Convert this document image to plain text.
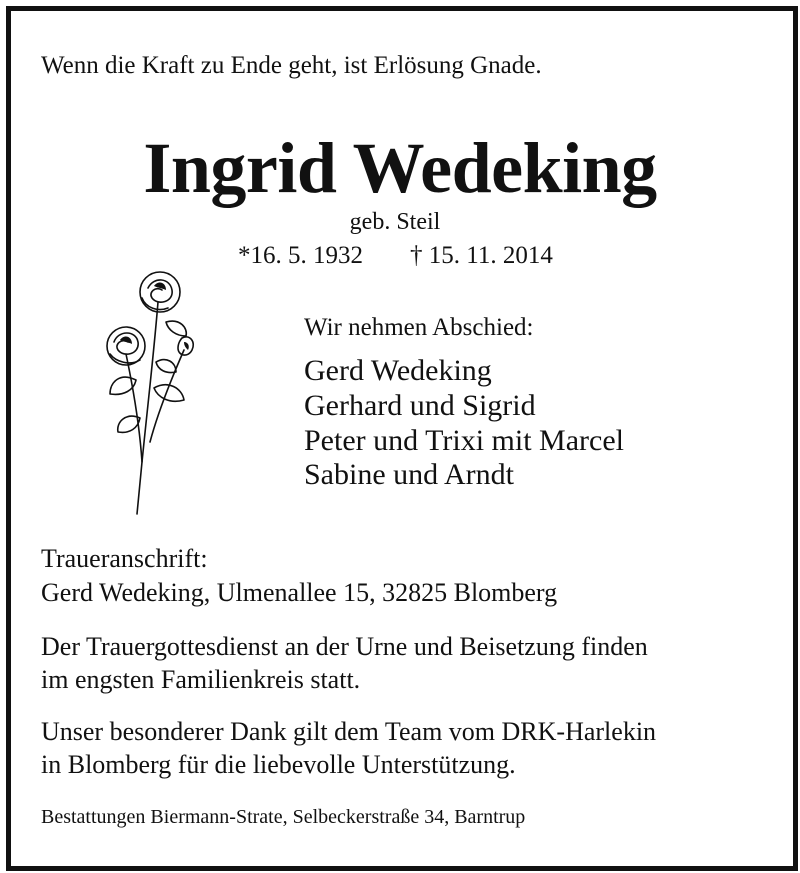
Wenn die Kraft zu Ende geht, ist Erlösung Gnade.
Ingrid Wedeking
geb. Steil
*16. 5. 1932 † 15. 11. 2014
Wir nehmen Abschied:
Gerd Wedeking
Gerhard und Sigrid
Peter und Trixi mit Marcel
Sabine und Arndt
Traueranschrift:
Gerd Wedeking, Ulmenallee 15, 32825 Blomberg
Der Trauergottesdienst an der Urne und Beisetzung finden
im engsten Familienkreis statt.
Unser besonderer Dank gilt dem Team vom DRK-Harlekin
in Blomberg für die liebevolle Unterstützung.
Bestattungen Biermann-Strate, Selbeckerstraße 34, Barntrup
